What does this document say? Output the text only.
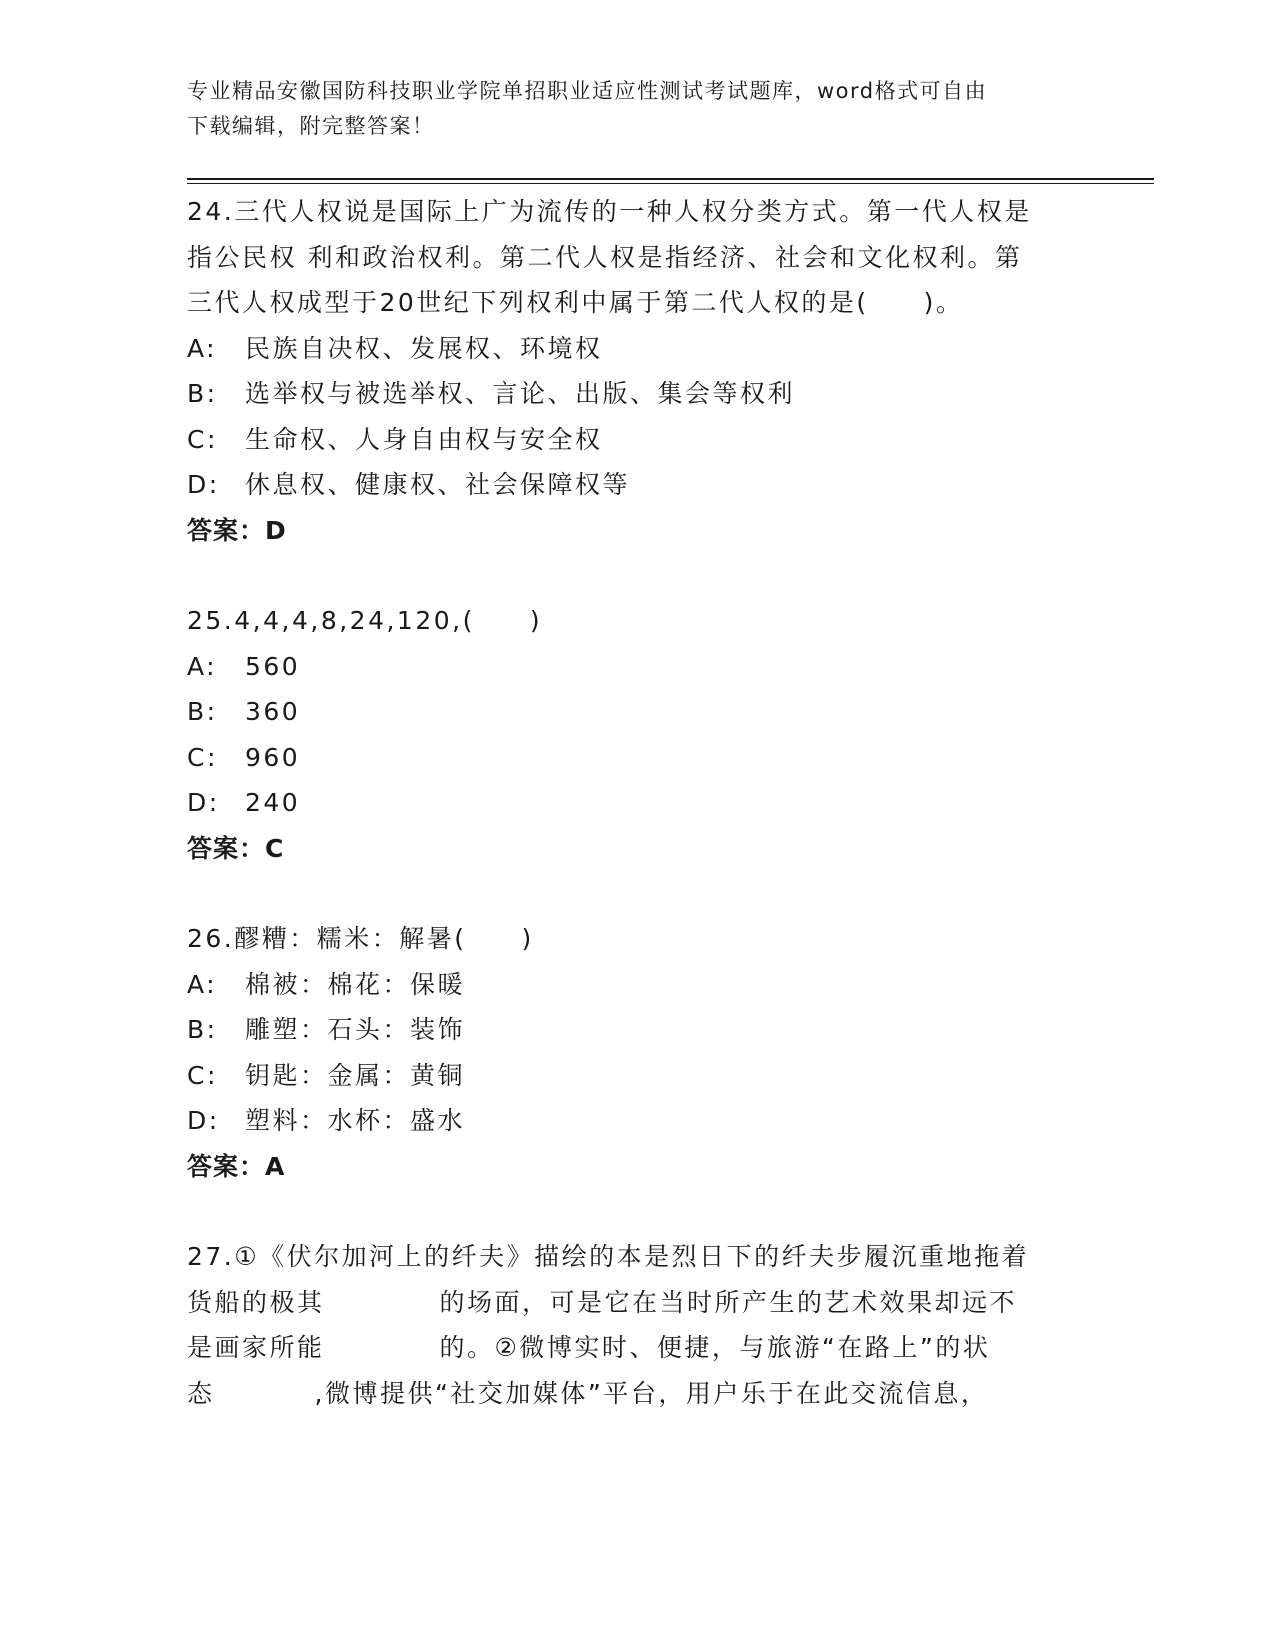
专业精品安徽国防科技职业学院单招职业适应性测试考试题库，word格式可自由
下载编辑，附完整答案！
24.三代人权说是国际上广为流传的一种人权分类方式。第一代人权是
指公民权 利和政治权利。第二代人权是指经济、社会和文化权利。第
三代人权成型于20世纪下列权利中属于第二代人权的是(　　)。
A:	民族自决权、发展权、环境权
B:	选举权与被选举权、言论、出版、集会等权利
C:	生命权、人身自由权与安全权
D:	休息权、健康权、社会保障权等
答案：D
25.4,4,4,8,24,120,(　　)
A:	560
B:	360
C:	960
D:	240
答案：C
26.醪糟：糯米：解暑(　　)
A:	棉被：棉花：保暖
B:	雕塑：石头：装饰
C:	钥匙：金属：黄铜
D:	塑料：水杯：盛水
答案：A
27.①《伏尔加河上的纤夫》描绘的本是烈日下的纤夫步履沉重地拖着
货船的极其	的场面，可是它在当时所产生的艺术效果却远不
是画家所能	的。②微博实时、便捷，与旅游“在路上”的状
态	,微博提供“社交加媒体”平台，用户乐于在此交流信息，
